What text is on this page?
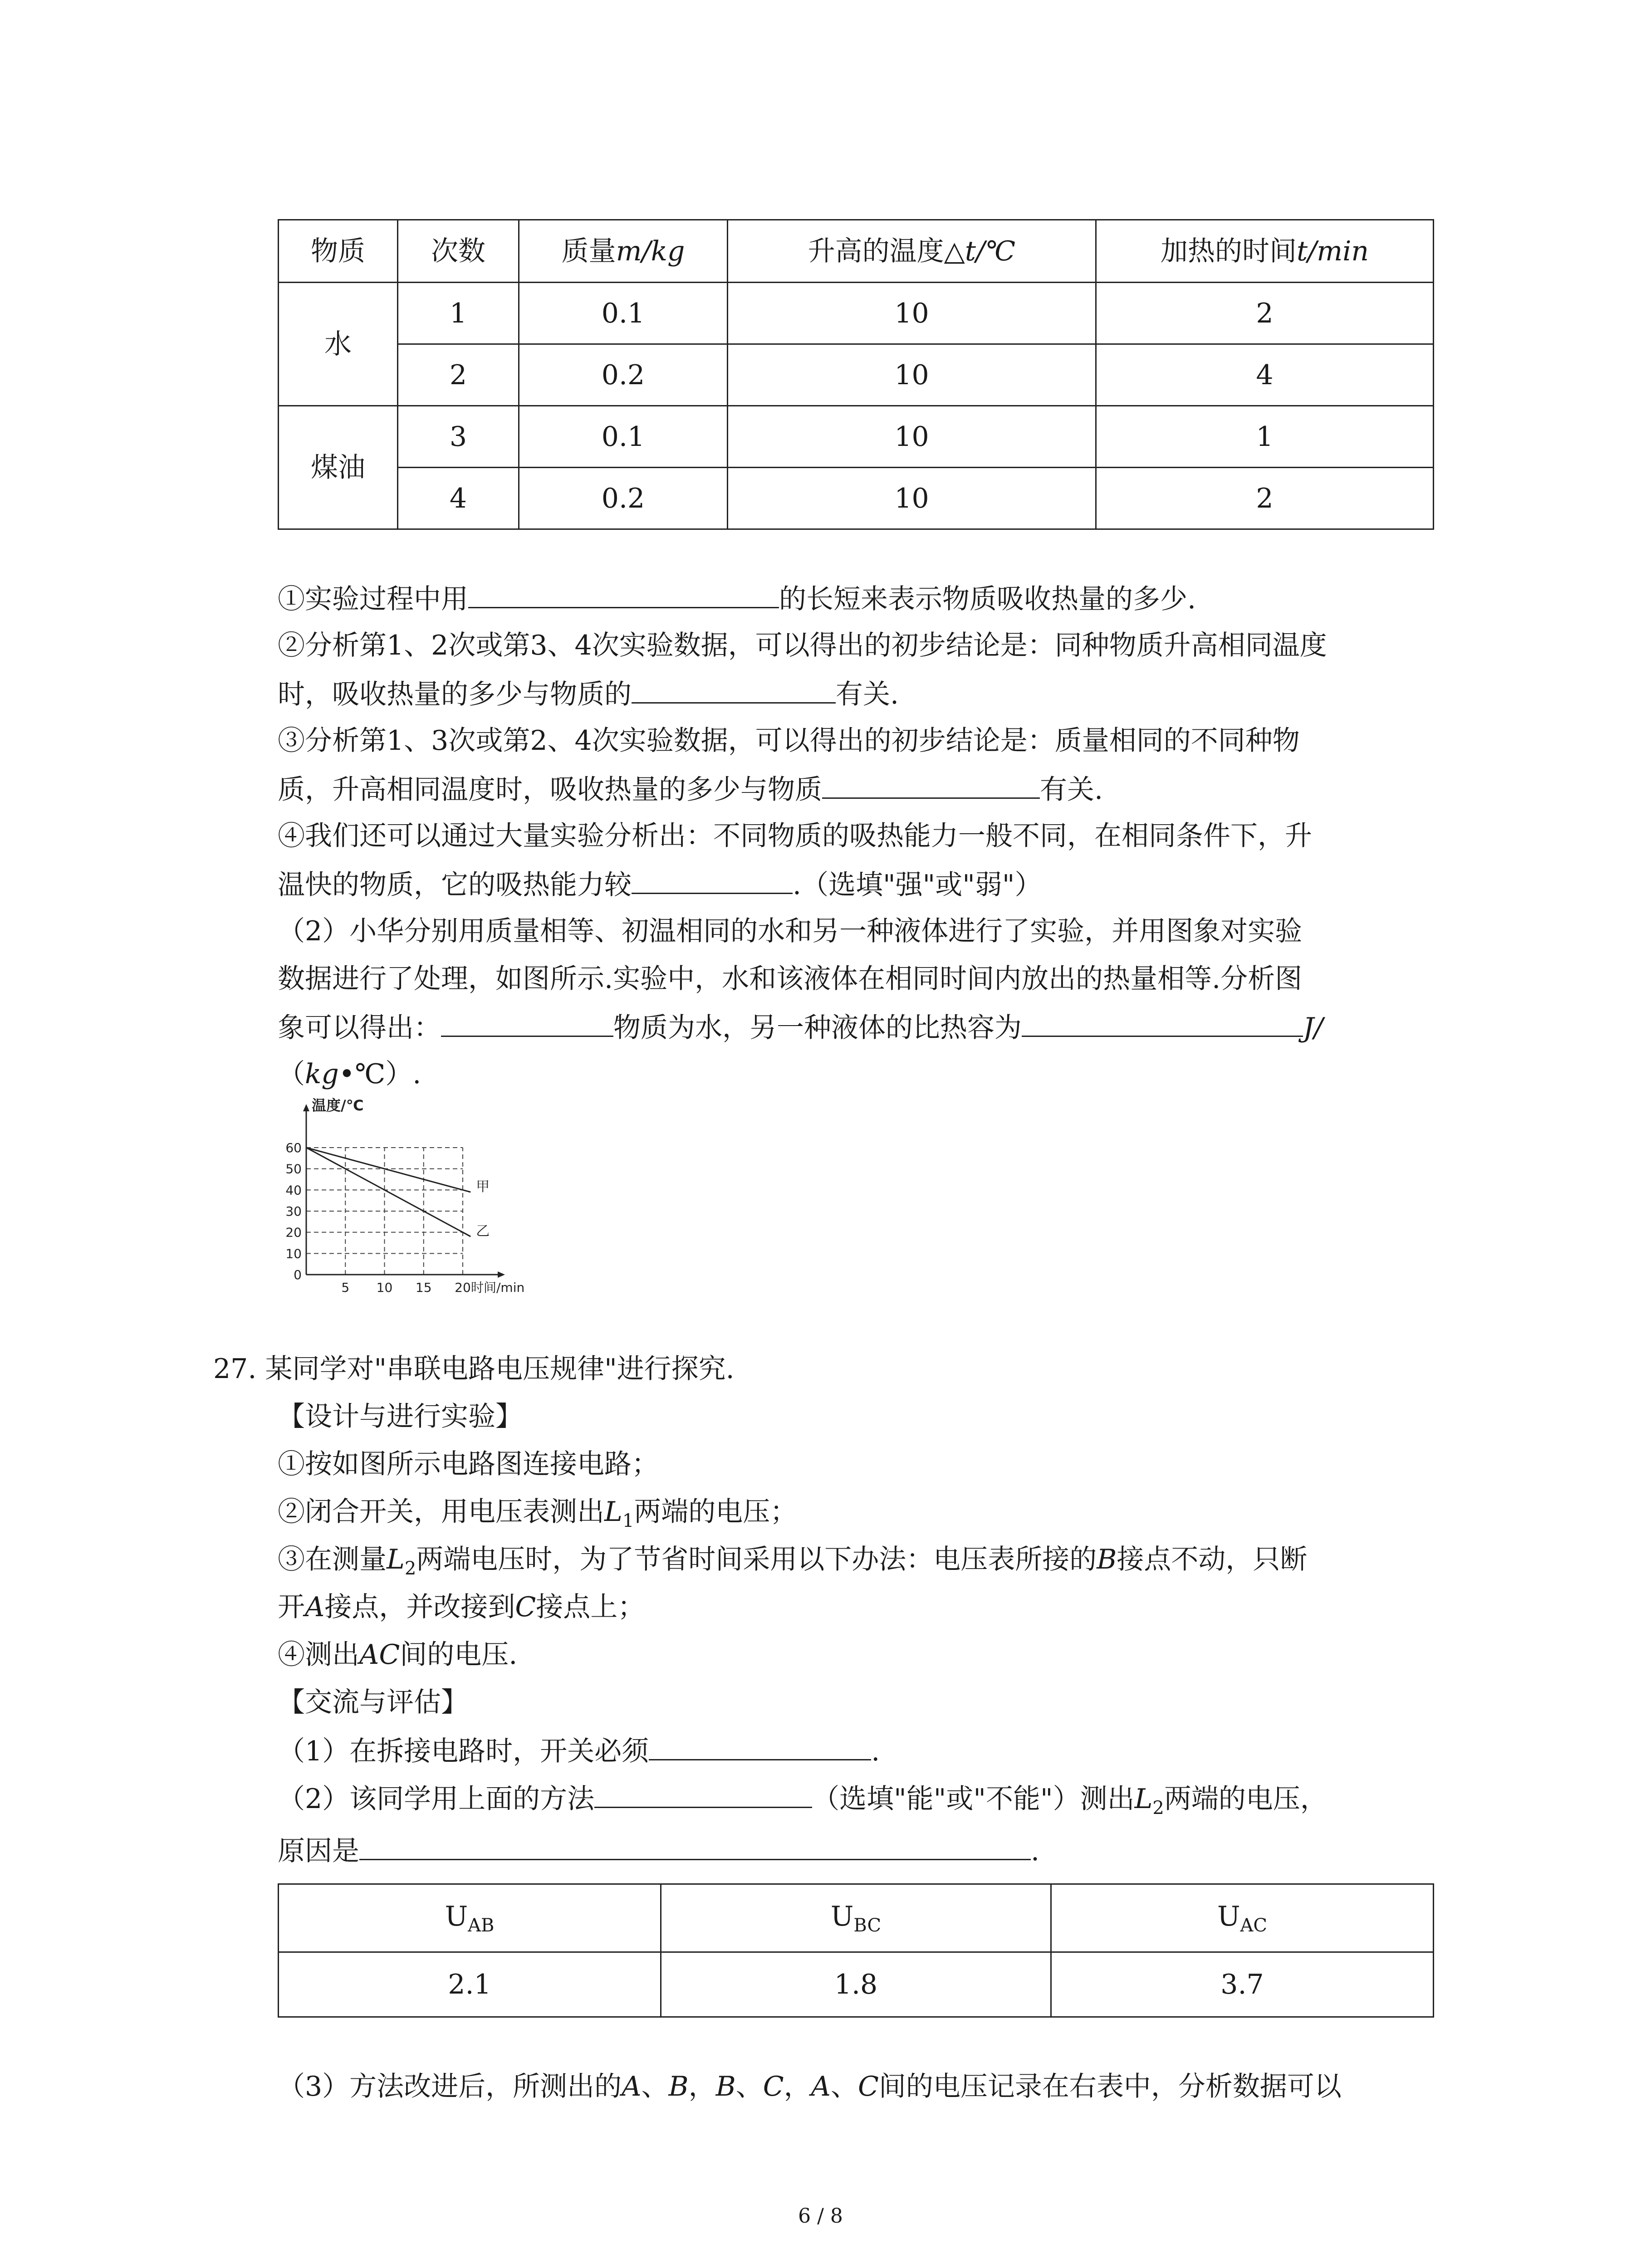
物质	次数	质量m/kg	升高的温度△t/℃	加热的时间t/min
水	1	0.1	10	2
	2	0.2	10	4
煤油	3	0.1	10	1
	4	0.2	10	2
①实验过程中用	的长短来表示物质吸收热量的多少.
②分析第1、2次或第3、4次实验数据，可以得出的初步结论是：同种物质升高相同温度
时，吸收热量的多少与物质的	有关.
③分析第1、3次或第2、4次实验数据，可以得出的初步结论是：质量相同的不同种物
质，升高相同温度时，吸收热量的多少与物质	有关.
④我们还可以通过大量实验分析出：不同物质的吸热能力一般不同，在相同条件下，升
温快的物质，它的吸热能力较	.（选填"强"或"弱"）
（2）小华分别用质量相等、初温相同的水和另一种液体进行了实验，并用图象对实验
数据进行了处理，如图所示.实验中，水和该液体在相同时间内放出的热量相等.分析图
象可以得出：	物质为水，另一种液体的比热容为	J/
（kg•℃）.
0
10
20
30
40
50
60
5 10 15 20
温度/℃
时间/min
甲
乙
27. 某同学对"串联电路电压规律"进行探究.
【设计与进行实验】
①按如图所示电路图连接电路；
②闭合开关，用电压表测出$L_1$两端的电压；
③在测量$L_2$两端电压时，为了节省时间采用以下办法：电压表所接的B接点不动，只断
开A接点，并改接到C接点上；
④测出AC间的电压.
【交流与评估】
（1）在拆接电路时，开关必须	.
（2）该同学用上面的方法	（选填"能"或"不能"）测出$L_2$两端的电压，
原因是	.
$U_{AB}$	$U_{BC}$	$U_{AC}$
2.1	1.8	3.7
（3）方法改进后，所测出的A、B，B、C，A、C间的电压记录在右表中，分析数据可以
6 / 8
